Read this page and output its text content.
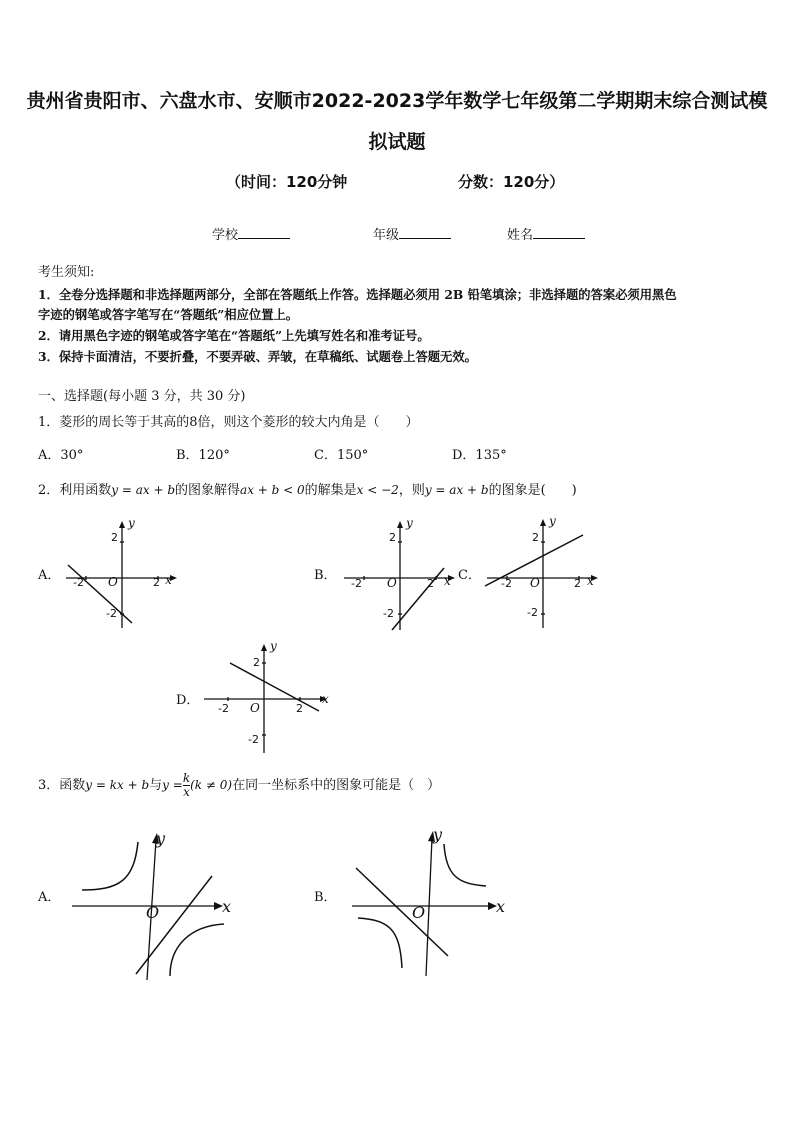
贵州省贵阳市、六盘水市、安顺市2022-2023学年数学七年级第二学期期末综合测试模
拟试题
（时间：120分钟	分数：120分）
学校	年级	姓名
考生须知:
1．全卷分选择题和非选择题两部分，全部在答题纸上作答。选择题必须用 2B 铅笔填涂；非选择题的答案必须用黑色
字迹的钢笔或答字笔写在“答题纸”相应位置上。
2．请用黑色字迹的钢笔或答字笔在“答题纸”上先填写姓名和准考证号。
3．保持卡面清洁，不要折叠，不要弄破、弄皱，在草稿纸、试题卷上答题无效。
一、选择题(每小题 3 分，共 30 分)
1．菱形的周长等于其高的8倍，则这个菱形的较大内角是（　　）
A．30°	B．120°	C．150°	D．135°
2．利用函数y = ax + b的图象解得ax + b < 0的解集是x < −2，则y = ax + b的图象是(　　)
A．	B．	C．
D．
-2	2
2
-2
O	x
y
-2	2
2
-2
O	x
y
-2	2
2
-2
O	x
y
-2	2
2
-2
O
x
y
3．函数y = kx + b与$y = \frac{k}{x} (k \ne 0)$在同一坐标系中的图象可能是（　）
A．	B．
O	x
y
O	x
y
